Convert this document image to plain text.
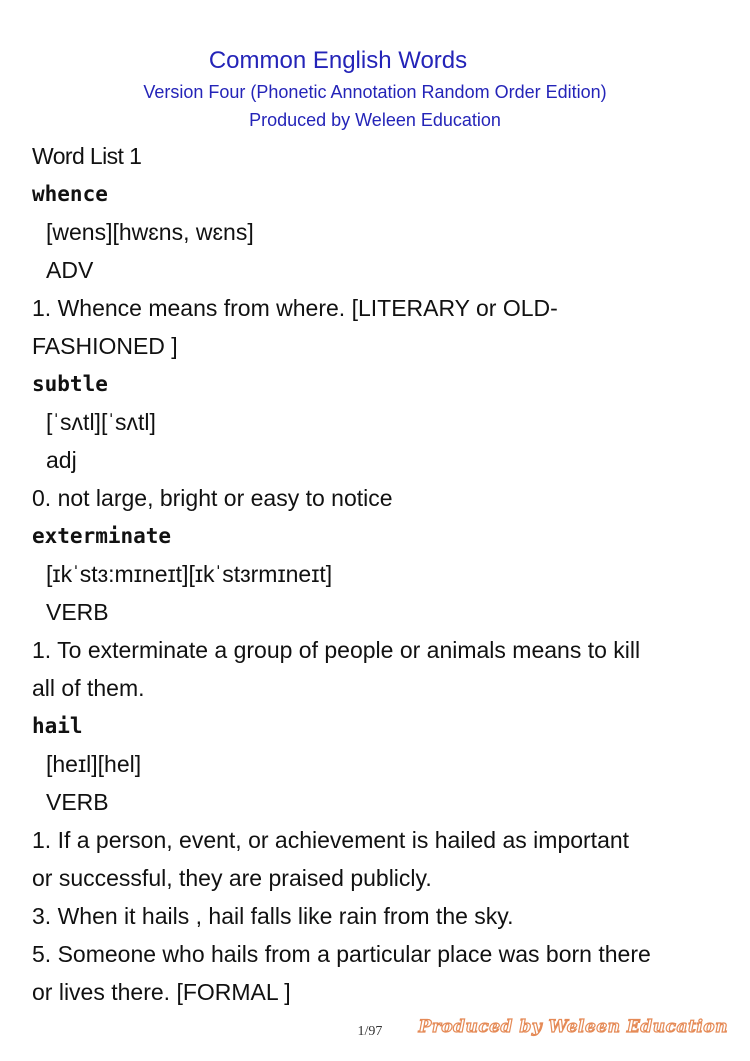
Common English Words
Version Four (Phonetic Annotation Random Order Edition)
Produced by Weleen Education
Word List 1
whence
[wens][hwɛns, wɛns]
ADV
1. Whence means from where. [LITERARY or OLD-
FASHIONED ]
subtle
[ˈsʌtl][ˈsʌtl]
adj
0. not large, bright or easy to notice
exterminate
[ɪkˈstɜ:mɪneɪt][ɪkˈstɜrmɪneɪt]
VERB
1. To exterminate a group of people or animals means to kill
all of them.
hail
[heɪl][hel]
VERB
1. If a person, event, or achievement is hailed as important
or successful, they are praised publicly.
3. When it hails , hail falls like rain from the sky.
5. Someone who hails from a particular place was born there
or lives there. [FORMAL ]
1/97	Produced by Weleen Education
